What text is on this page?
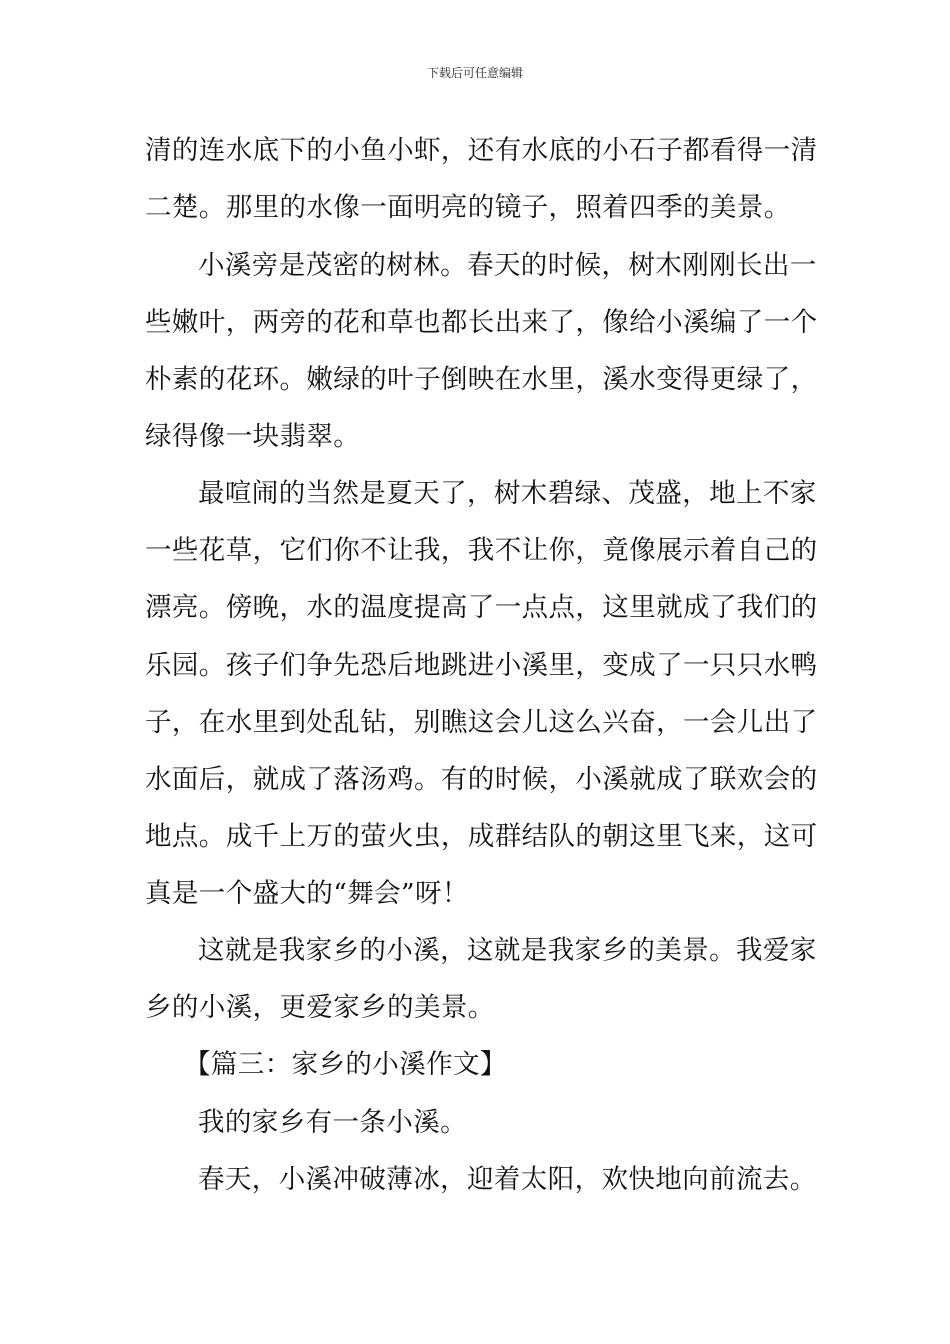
下载后可任意编辑
清的连水底下的小鱼小虾，还有水底的小石子都看得一清
二楚。那里的水像一面明亮的镜子，照着四季的美景。
小溪旁是茂密的树林。春天的时候，树木刚刚长出一
些嫩叶，两旁的花和草也都长出来了，像给小溪编了一个
朴素的花环。嫩绿的叶子倒映在水里，溪水变得更绿了，
绿得像一块翡翠。
最喧闹的当然是夏天了，树木碧绿、茂盛，地上不家
一些花草，它们你不让我，我不让你，竟像展示着自己的
漂亮。傍晚，水的温度提高了一点点，这里就成了我们的
乐园。孩子们争先恐后地跳进小溪里，变成了一只只水鸭
子，在水里到处乱钻，别瞧这会儿这么兴奋，一会儿出了
水面后，就成了落汤鸡。有的时候，小溪就成了联欢会的
地点。成千上万的萤火虫，成群结队的朝这里飞来，这可
真是一个盛大的“舞会”呀！
这就是我家乡的小溪，这就是我家乡的美景。我爱家
乡的小溪，更爱家乡的美景。
【篇三：家乡的小溪作文】
我的家乡有一条小溪。
春天，小溪冲破薄冰，迎着太阳，欢快地向前流去。
